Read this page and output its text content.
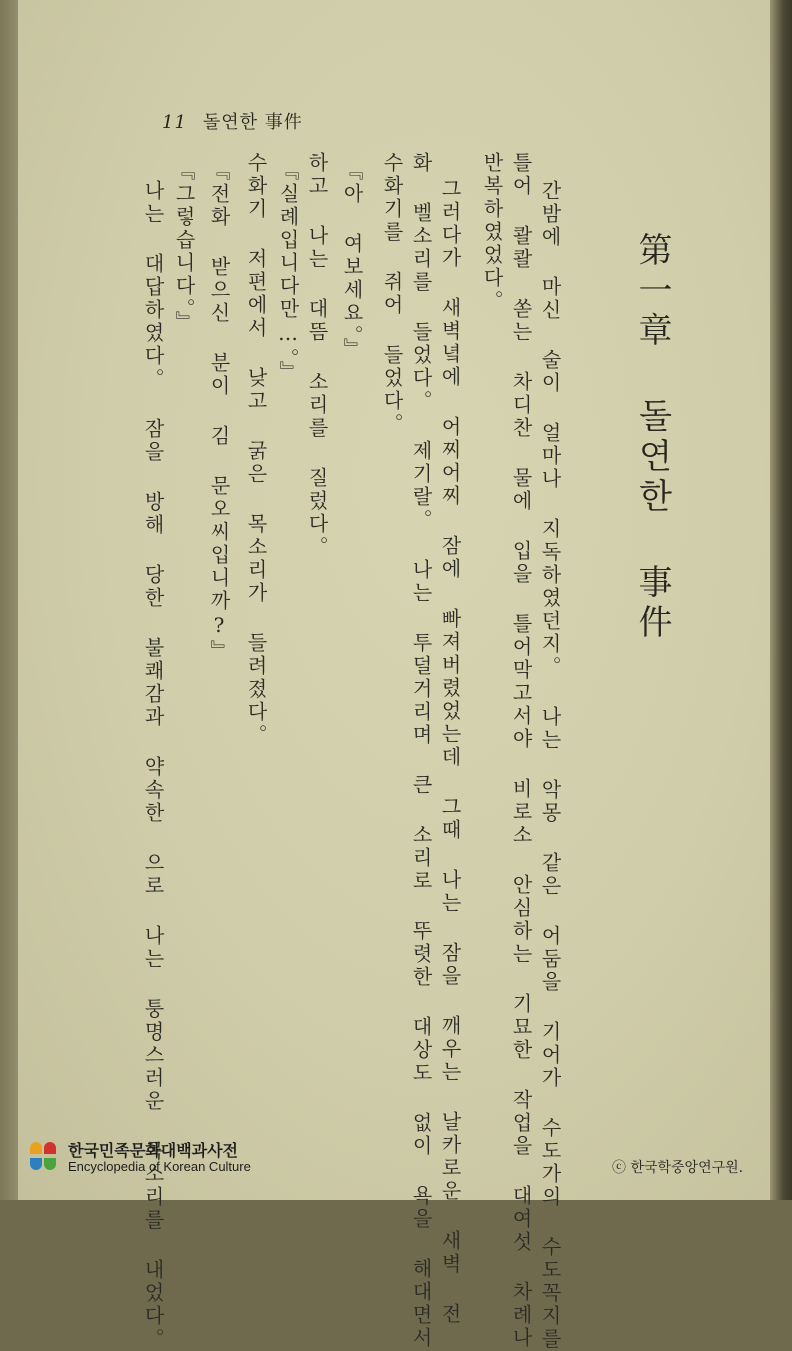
11 돌연한 事件
第一章 돌연한 事件
간밤에 마신 술이 얼마나 지독하였던지。 나는 악몽 같은 어둠을 기어가 수도가의 수도꼭지를
틀어 콸콸 쏟는 차디찬 물에 입을 틀어막고서야 비로소 안심하는 기묘한 작업을 대여섯 차례나
반복하였었다。
그러다가 새벽녘에 어찌어찌 잠에 빠져버렸었는데 그때 나는 잠을 깨우는 날카로운 새벽 전
화 벨소리를 들었다。 제기랄。 나는 투덜거리며 큰 소리로 뚜렷한 대상도 없이 욕을 해대면서
수화기를 쥐어 들었다。
『아 여보세요。』
하고 나는 대뜸 소리를 질렀다。
『실례입니다만…。』
수화기 저편에서 낮고 굵은 목소리가 들려졌다。
『전화 받으신 분이 김 문오씨입니까?』
『그렇습니다。』
나는 대답하였다。 잠을 방해 당한 불쾌감과 약속한 으로 나는 퉁명스러운 목소리를 내었다。
한국민족문화대백과사전
Encyclopedia of Korean Culture	ⓒ 한국학중앙연구원.
